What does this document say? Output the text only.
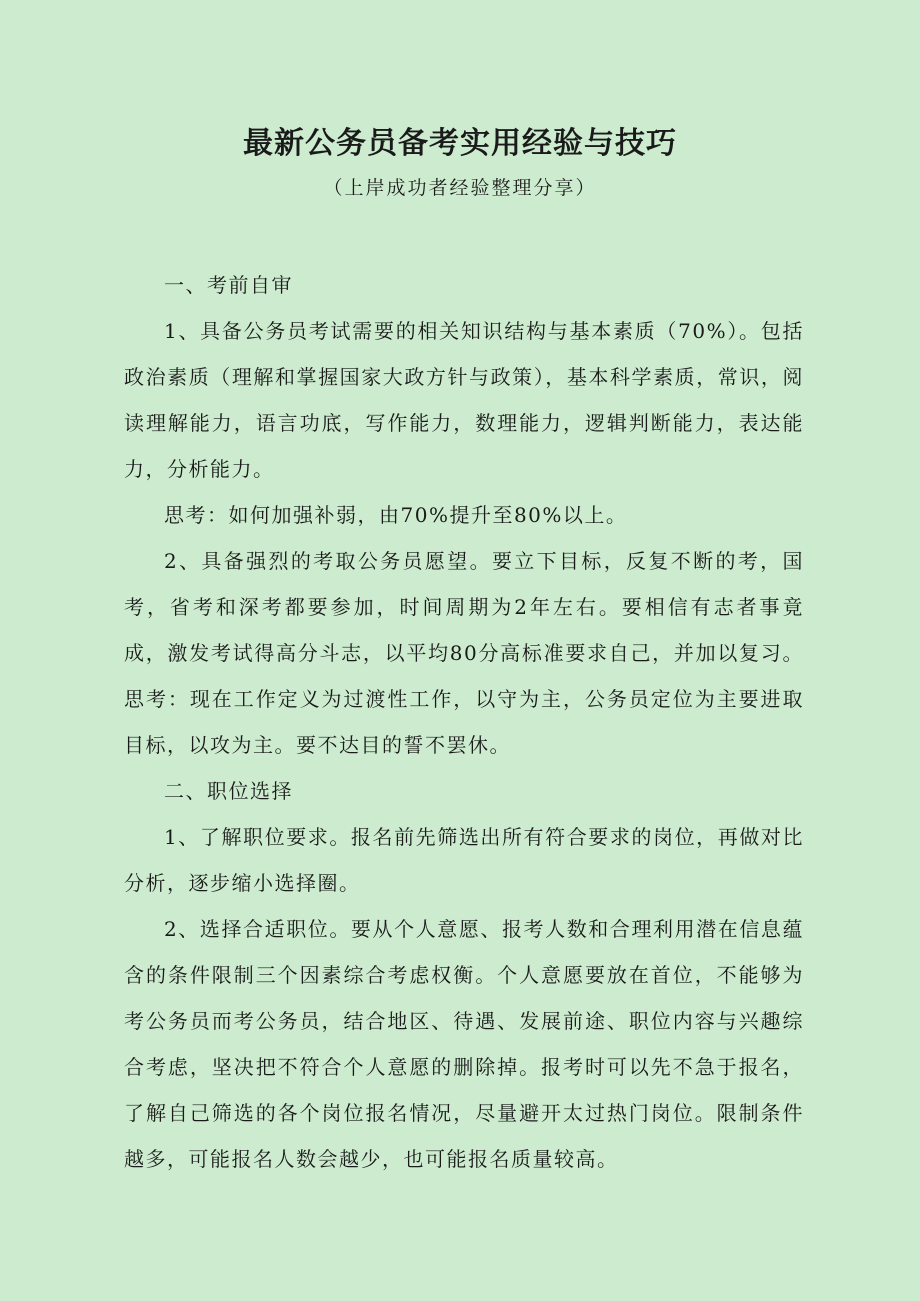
最新公务员备考实用经验与技巧

（上岸成功者经验整理分享）

一、考前自审

1、具备公务员考试需要的相关知识结构与基本素质（70%）。包括政治素质（理解和掌握国家大政方针与政策），基本科学素质，常识，阅读理解能力，语言功底，写作能力，数理能力，逻辑判断能力，表达能力，分析能力。

思考：如何加强补弱，由70%提升至80%以上。

2、具备强烈的考取公务员愿望。要立下目标，反复不断的考，国考，省考和深考都要参加，时间周期为2年左右。要相信有志者事竟成，激发考试得高分斗志，以平均80分高标准要求自己，并加以复习。思考：现在工作定义为过渡性工作，以守为主，公务员定位为主要进取目标，以攻为主。要不达目的誓不罢休。

二、职位选择

1、了解职位要求。报名前先筛选出所有符合要求的岗位，再做对比分析，逐步缩小选择圈。

2、选择合适职位。要从个人意愿、报考人数和合理利用潜在信息蕴含的条件限制三个因素综合考虑权衡。个人意愿要放在首位，不能够为考公务员而考公务员，结合地区、待遇、发展前途、职位内容与兴趣综合考虑，坚决把不符合个人意愿的删除掉。报考时可以先不急于报名，了解自己筛选的各个岗位报名情况，尽量避开太过热门岗位。限制条件越多，可能报名人数会越少，也可能报名质量较高。
